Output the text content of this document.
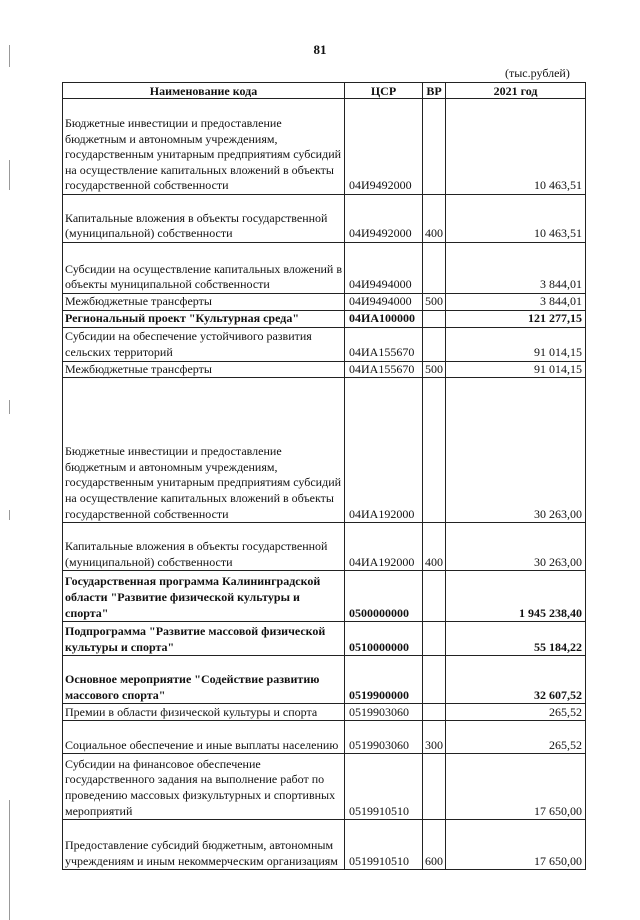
81
(тыс.рублей)
Наименование кода	ЦСР	ВР	2021 год
Бюджетные инвестиции и предоставление бюджетным и автономным учреждениям, государственным унитарным предприятиям субсидий на осуществление капитальных вложений в объекты государственной собственности	04И9492000		10 463,51
Капитальные вложения в объекты государственной (муниципальной) собственности	04И9492000	400	10 463,51
Субсидии на осуществление капитальных вложений в объекты муниципальной собственности	04И9494000		3 844,01
Межбюджетные трансферты	04И9494000	500	3 844,01
Региональный проект "Культурная среда"	04ИА100000		121 277,15
Субсидии на обеспечение устойчивого развития сельских территорий	04ИА155670		91 014,15
Межбюджетные трансферты	04ИА155670	500	91 014,15
Бюджетные инвестиции и предоставление бюджетным и автономным учреждениям, государственным унитарным предприятиям субсидий на осуществление капитальных вложений в объекты государственной собственности	04ИА192000		30 263,00
Капитальные вложения в объекты государственной (муниципальной) собственности	04ИА192000	400	30 263,00
Государственная программа Калининградской области "Развитие физической культуры и спорта"	0500000000		1 945 238,40
Подпрограмма "Развитие массовой физической культуры и спорта"	0510000000		55 184,22
Основное мероприятие "Содействие развитию массового спорта"	0519900000		32 607,52
Премии в области физической культуры и спорта	0519903060		265,52
Социальное обеспечение и иные выплаты населению	0519903060	300	265,52
Субсидии на финансовое обеспечение государственного задания на выполнение работ по проведению массовых физкультурных и спортивных мероприятий	0519910510		17 650,00
Предоставление субсидий бюджетным, автономным учреждениям и иным некоммерческим организациям	0519910510	600	17 650,00
